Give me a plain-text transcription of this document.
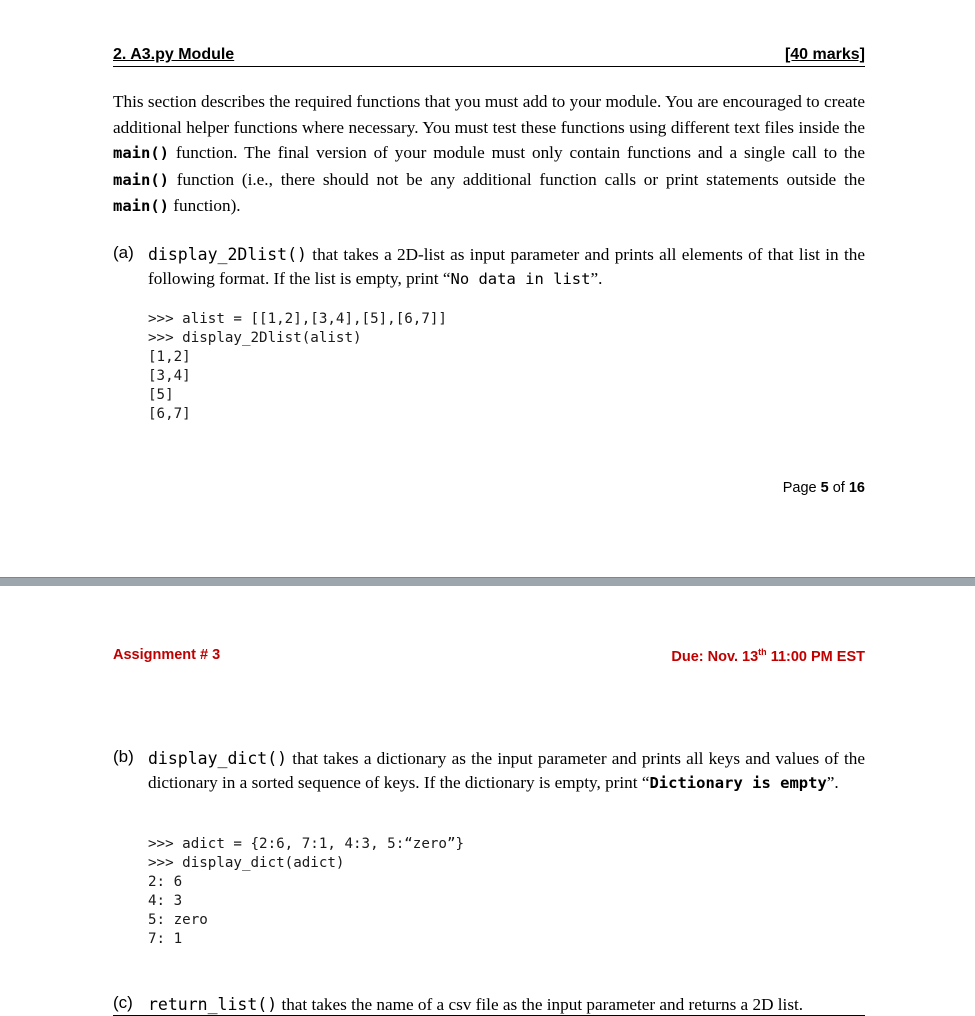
2. A3.py Module	[40 marks]
This section describes the required functions that you must add to your module. You are encouraged to create additional helper functions where necessary. You must test these functions using different text files inside the main() function. The final version of your module must only contain functions and a single call to the main() function (i.e., there should not be any additional function calls or print statements outside the main() function).
(a) display_2Dlist() that takes a 2D-list as input parameter and prints all elements of that list in the following format. If the list is empty, print “No data in list”.
>>> alist = [[1,2],[3,4],[5],[6,7]]
>>> display_2Dlist(alist)
[1,2]
[3,4]
[5]
[6,7]
Page 5 of 16
Assignment # 3	Due: Nov. 13th 11:00 PM EST
(b) display_dict() that takes a dictionary as the input parameter and prints all keys and values of the dictionary in a sorted sequence of keys. If the dictionary is empty, print “Dictionary is empty”.
>>> adict = {2:6, 7:1, 4:3, 5:“zero”}
>>> display_dict(adict)
2: 6
4: 3
5: zero
7: 1
(c) return_list() that takes the name of a csv file as the input parameter and returns a 2D list.
